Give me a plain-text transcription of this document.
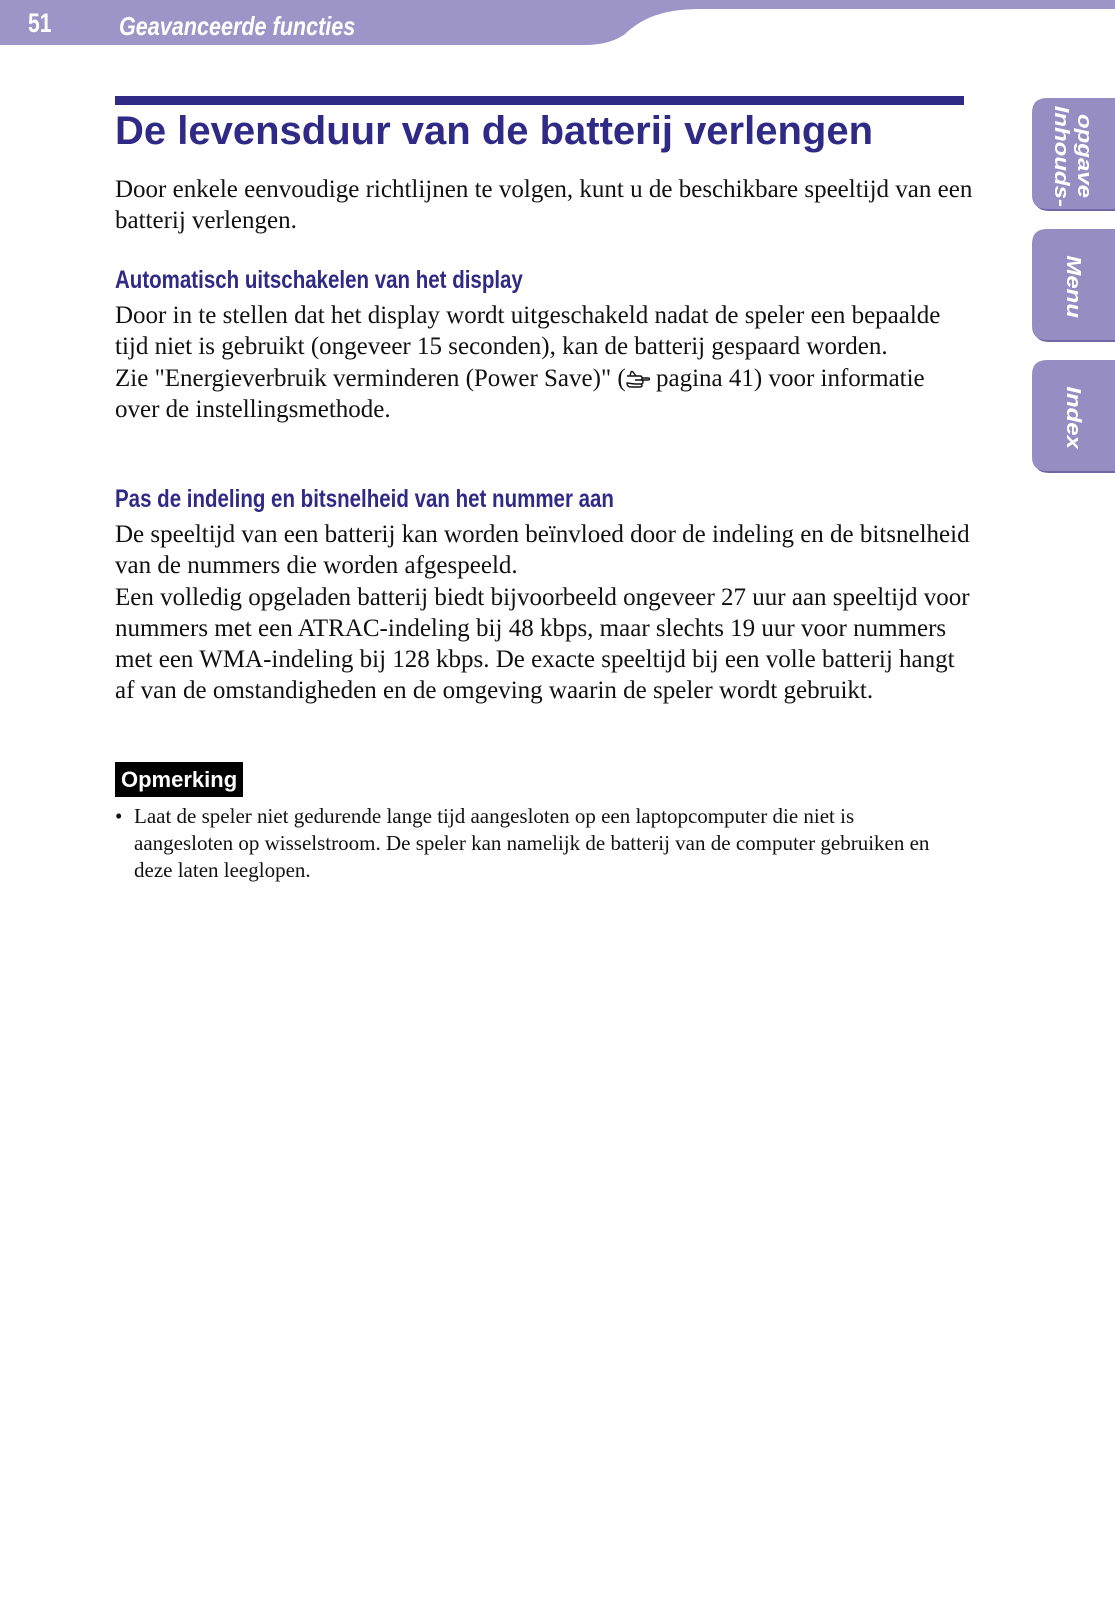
51	Geavanceerde functies
Inhouds- opgave
Menu
Index
De levensduur van de batterij verlengen

Door enkele eenvoudige richtlijnen te volgen, kunt u de beschikbare speeltijd van een batterij verlengen.

Automatisch uitschakelen van het display
Door in te stellen dat het display wordt uitgeschakeld nadat de speler een bepaalde tijd niet is gebruikt (ongeveer 15 seconden), kan de batterij gespaard worden.
Zie "Energieverbruik verminderen (Power Save)" ( pagina 41) voor informatie over de instellingsmethode.
Pas de indeling en bitsnelheid van het nummer aan
De speeltijd van een batterij kan worden beïnvloed door de indeling en de bitsnelheid van de nummers die worden afgespeeld.
Een volledig opgeladen batterij biedt bijvoorbeeld ongeveer 27 uur aan speeltijd voor nummers met een ATRAC-indeling bij 48 kbps, maar slechts 19 uur voor nummers met een WMA-indeling bij 128 kbps. De exacte speeltijd bij een volle batterij hangt af van de omstandigheden en de omgeving waarin de speler wordt gebruikt.
Opmerking
• Laat de speler niet gedurende lange tijd aangesloten op een laptopcomputer die niet is aangesloten op wisselstroom. De speler kan namelijk de batterij van de computer gebruiken en deze laten leeglopen.
